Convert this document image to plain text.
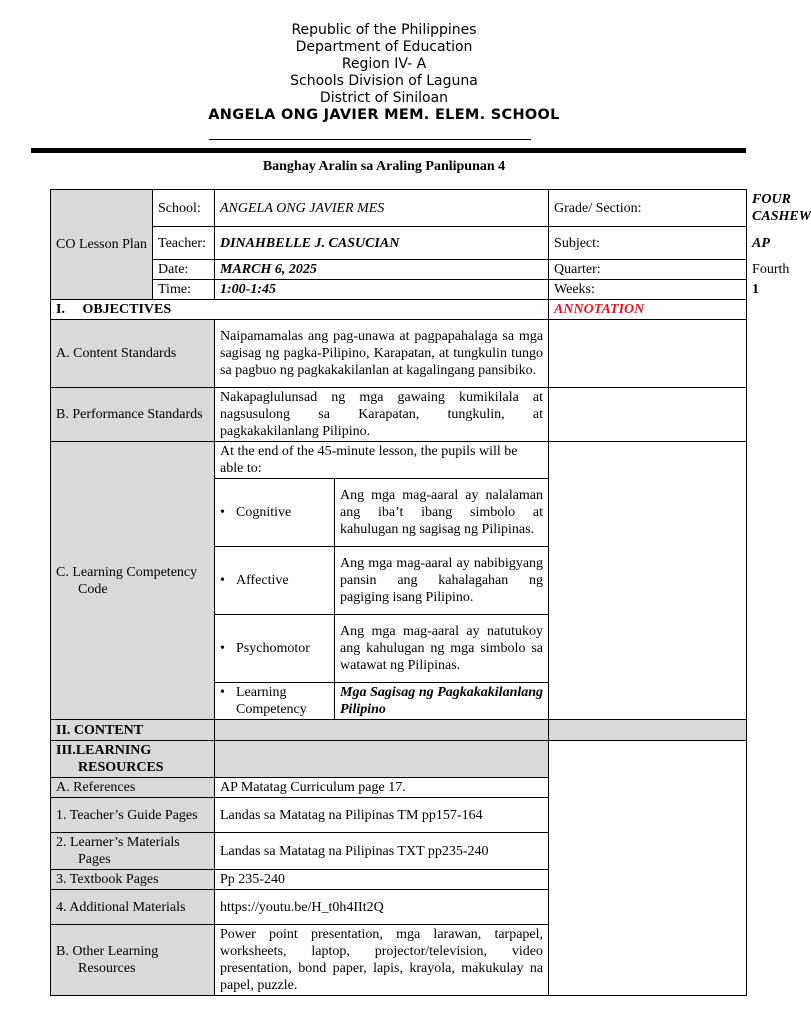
Republic of the Philippines
Department of Education
Region IV- A
Schools Division of Laguna
District of Siniloan
ANGELA ONG JAVIER MEM. ELEM. SCHOOL
Banghay Aralin sa Araling Panlipunan 4
CO Lesson Plan	School:	ANGELA ONG JAVIER MES		Grade/ Section:	FOUR CASHEW
	Teacher:	DINAHBELLE J. CASUCIAN		Subject:	AP
	Date:	MARCH 6, 2025		Quarter:	Fourth
	Time:	1:00-1:45		Weeks:	1
I. OBJECTIVES				ANNOTATION	

A. Content Standards		Naipamamalas ang pag-unawa at pagpapahalaga sa mga sagisag ng pagka-Pilipino, Karapatan, at tungkulin tungo sa pagbuo ng pagkakakilanlan at kagalingang pansibiko.			

B. Performance Standards		Nakapaglulunsad ng mga gawaing kumikilala at nagsusulong sa Karapatan, tungkulin, at pagkakakilanlang Pilipino.			

C. Learning Competency Code		At the end of the 45-minute lesson, the pupils will be able to:			

		• Cognitive	Ang mga mag-aaral ay nalalaman ang iba’t ibang simbolo at kahulugan ng sagisag ng Pilipinas.		

		• Affective	Ang mga mag-aaral ay nabibigyang pansin ang kahalagahan ng pagiging isang Pilipino.		

		• Psychomotor	Ang mga mag-aaral ay natutukoy ang kahulugan ng mga simbolo sa watawat ng Pilipinas.		

		• Learning Competency	Mga Sagisag ng Pagkakakilanlang Pilipino		
II. CONTENT					

III.LEARNING RESOURCES					

A. References		AP Matatag Curriculum page 17.			

1. Teacher’s Guide Pages		Landas sa Matatag na Pilipinas TM pp157-164			

2. Learner’s Materials Pages		Landas sa Matatag na Pilipinas TXT pp235-240			
3. Textbook Pages		Pp 235-240			

4. Additional Materials		https://youtu.be/H_t0h4IIt2Q			

B. Other Learning Resources		Power point presentation, mga larawan, tarpapel, worksheets, laptop, projector/television, video presentation, bond paper, lapis, krayola, makukulay na papel, puzzle.			
